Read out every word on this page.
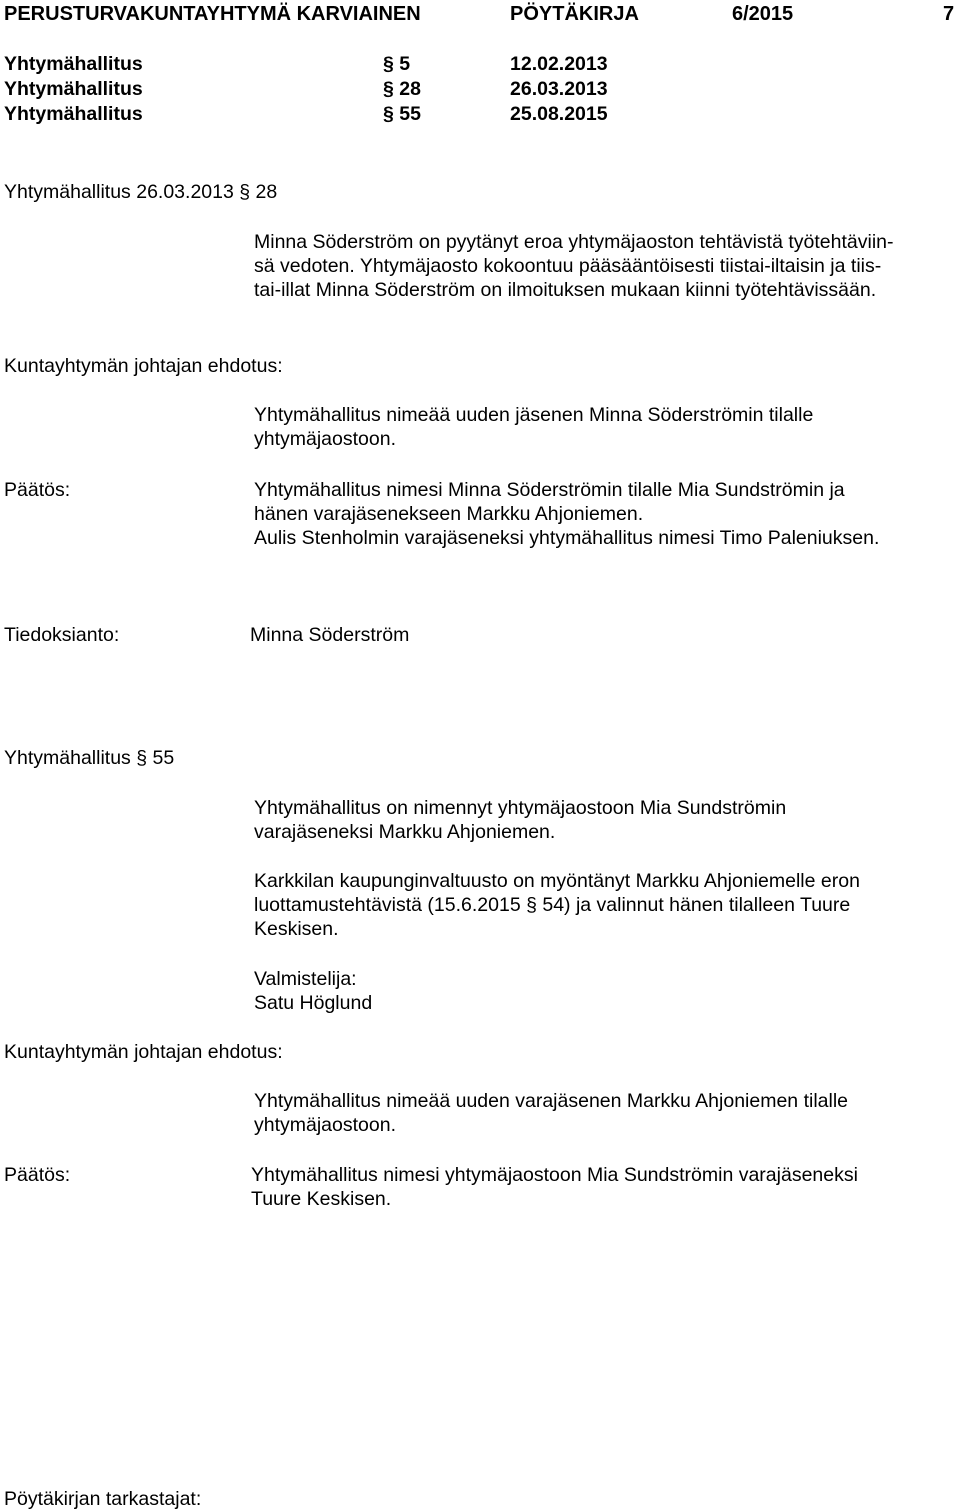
PERUSTURVAKUNTAYHTYMÄ KARVIAINEN	PÖYTÄKIRJA	6/2015	7
Yhtymähallitus	§ 5	12.02.2013
Yhtymähallitus	§ 28	26.03.2013
Yhtymähallitus	§ 55	25.08.2015
Yhtymähallitus 26.03.2013 § 28

Minna Söderström on pyytänyt eroa yhtymäjaoston tehtävistä työtehtäviin-

sä vedoten. Yhtymäjaosto kokoontuu pääsääntöisesti tiistai-iltaisin ja tiis-

tai-illat Minna Söderström on ilmoituksen mukaan kiinni työtehtävissään.

Kuntayhtymän johtajan ehdotus:

Yhtymähallitus nimeää uuden jäsenen Minna Söderströmin tilalle

yhtymäjaostoon.

Päätös:	Yhtymähallitus nimesi Minna Söderströmin tilalle Mia Sundströmin ja

hänen varajäsenekseen Markku Ahjoniemen.

Aulis Stenholmin varajäseneksi yhtymähallitus nimesi Timo Paleniuksen.

Tiedoksianto:	Minna Söderström
Yhtymähallitus § 55

Yhtymähallitus on nimennyt yhtymäjaostoon Mia Sundströmin

varajäseneksi Markku Ahjoniemen.

Karkkilan kaupunginvaltuusto on myöntänyt Markku Ahjoniemelle eron

luottamustehtävistä (15.6.2015 § 54) ja valinnut hänen tilalleen Tuure

Keskisen.

Valmistelija:
Satu Höglund
Kuntayhtymän johtajan ehdotus:

Yhtymähallitus nimeää uuden varajäsenen Markku Ahjoniemen tilalle

yhtymäjaostoon.

Päätös:	Yhtymähallitus nimesi yhtymäjaostoon Mia Sundströmin varajäseneksi

Tuure Keskisen.

Pöytäkirjan tarkastajat:
